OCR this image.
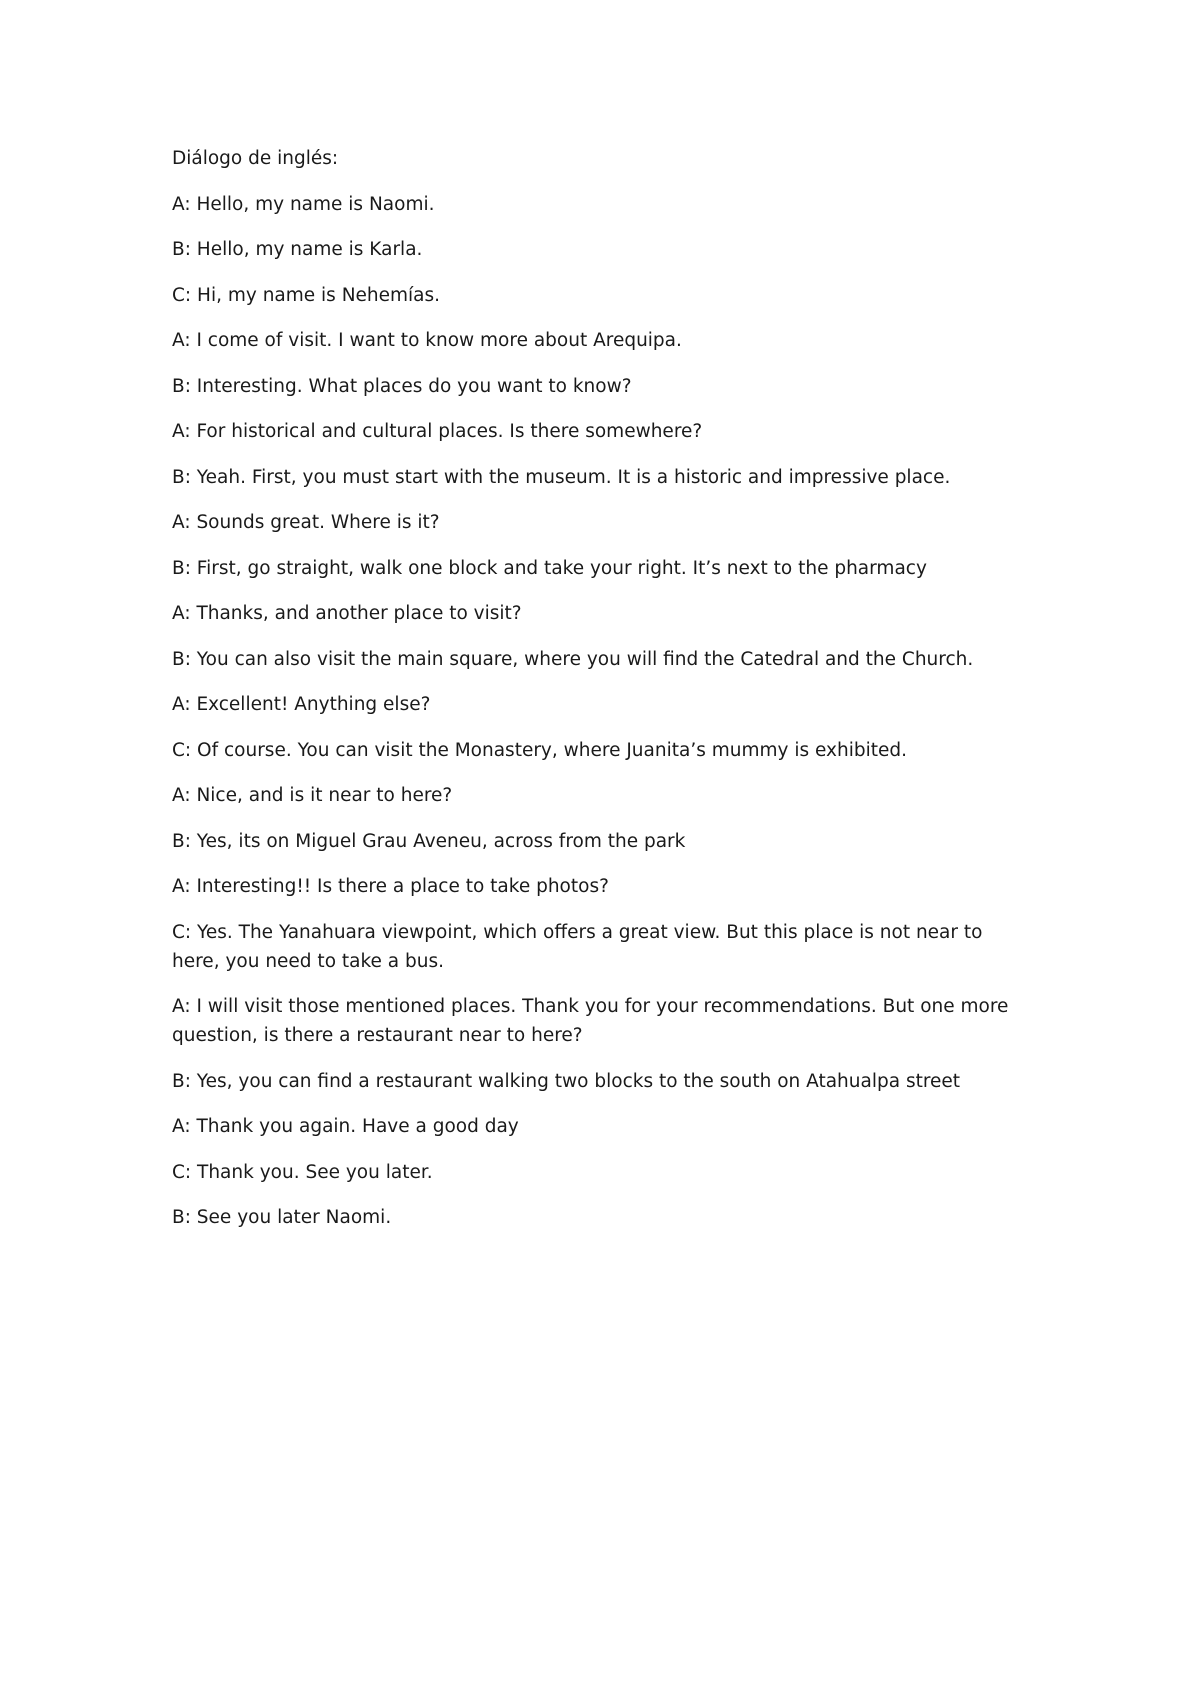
Diálogo de inglés:

A: Hello, my name is Naomi.

B: Hello, my name is Karla.

C: Hi, my name is Nehemías.

A: I come of visit. I want to know more about Arequipa.

B: Interesting. What places do you want to know?

A: For historical and cultural places. Is there somewhere?

B: Yeah. First, you must start with the museum. It is a historic and impressive place.

A: Sounds great. Where is it?

B: First, go straight, walk one block and take your right. It’s next to the pharmacy

A: Thanks, and another place to visit?

B: You can also visit the main square, where you will find the Catedral and the Church.

A: Excellent! Anything else?

C: Of course. You can visit the Monastery, where Juanita’s mummy is exhibited.

A: Nice, and is it near to here?

B: Yes, its on Miguel Grau Aveneu, across from the park

A: Interesting!! Is there a place to take photos?

C: Yes. The Yanahuara viewpoint, which offers a great view. But this place is not near to here, you need to take a bus.

A: I will visit those mentioned places. Thank you for your recommendations. But one more question, is there a restaurant near to here?

B: Yes, you can find a restaurant walking two blocks to the south on Atahualpa street

A: Thank you again. Have a good day

C: Thank you. See you later.

B: See you later Naomi.
